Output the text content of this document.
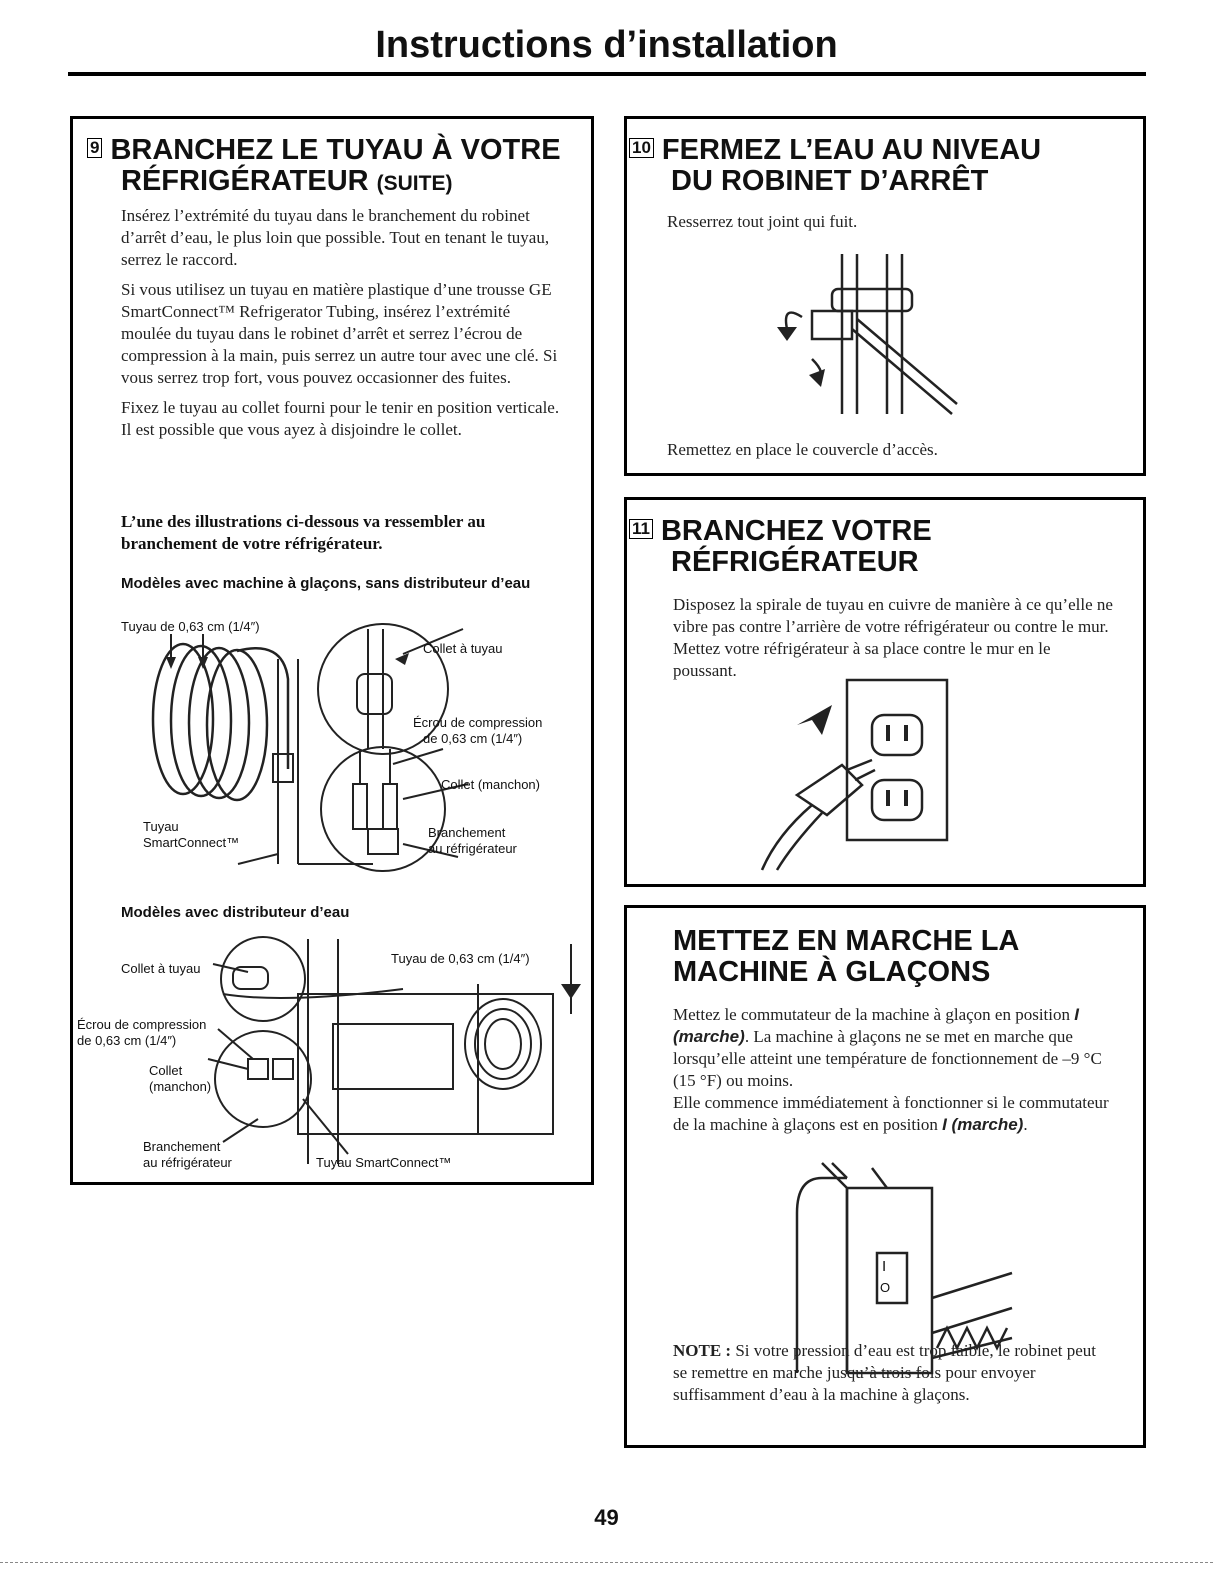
Instructions d’installation
9 BRANCHEZ LE TUYAU À VOTRE
RÉFRIGÉRATEUR (SUITE)

Insérez l’extrémité du tuyau dans le branchement du robinet d’arrêt d’eau, le plus loin que possible. Tout en tenant le tuyau, serrez le raccord.

Si vous utilisez un tuyau en matière plastique d’une trousse GE SmartConnect™ Refrigerator Tubing, insérez l’extrémité moulée du tuyau dans le robinet d’arrêt et serrez l’écrou de compression à la main, puis serrez un autre tour avec une clé. Si vous serrez trop fort, vous pouvez occasionner des fuites.

Fixez le tuyau au collet fourni pour le tenir en position verticale. Il est possible que vous ayez à disjoindre le collet.

L’une des illustrations ci-dessous va ressembler au branchement de votre réfrigérateur.

Modèles avec machine à glaçons, sans distributeur d’eau

Tuyau de 0,63 cm (1/4″)
Collet à tuyau
Écrou de compression
de 0,63 cm (1/4″)
Collet (manchon)
Tuyau
SmartConnect™
Branchement
au réfrigérateur

Modèles avec distributeur d’eau

Collet à tuyau
Tuyau de 0,63 cm (1/4″)
Écrou de compression
de 0,63 cm (1/4″)
Collet
(manchon)
Branchement
au réfrigérateur	Tuyau SmartConnect™
10 FERMEZ L’EAU AU NIVEAU
DU ROBINET D’ARRÊT

Resserrez tout joint qui fuit.

Remettez en place le couvercle d’accès.

11 BRANCHEZ VOTRE
RÉFRIGÉRATEUR

Disposez la spirale de tuyau en cuivre de manière à ce qu’elle ne vibre pas contre l’arrière de votre réfrigérateur ou contre le mur. Mettez votre réfrigérateur à sa place contre le mur en le poussant.

METTEZ EN MARCHE LA
MACHINE À GLAÇONS

Mettez le commutateur de la machine à glaçon en position I (marche). La machine à glaçons ne se met en marche que lorsqu’elle atteint une température de fonctionnement de –9 °C (15 °F) ou moins.

Elle commence immédiatement à fonctionner si le commutateur de la machine à glaçons est en position I (marche).

I
O

NOTE : Si votre pression d’eau est trop faible, le robinet peut se remettre en marche jusqu’à trois fois pour envoyer suffisamment d’eau à la machine à glaçons.

49
